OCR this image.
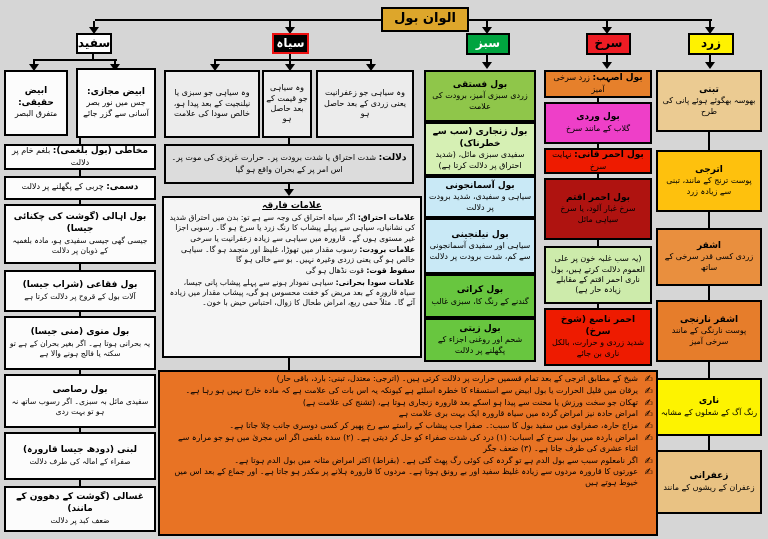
الوان بول
سفید	سیاہ	سبز	سرخ	زرد
ابیض حقیقی:
متفرق البصر
ابیض مجازی:
جس میں نور بصر آسانی سے گزر جائے
مخاطی (بول بلغمی): بلغم خام پر دلالت
دسمی: چربی کے پگھلنے پر دلالت
بول اہالی (گوشت کی چکنائی جیسا)
جیسی گھی جیسی سفیدی ہو، مادہ بلغمیہ کے ذوبان پر دلالت
بول فقاعی (شراب جیسا)
آلات بول کے قروح پر دلالت کرتا ہے
بول منوی (منی جیسا)
یہ بحرانی ہوتا ہے۔ اگر بغیر بحران کے ہے تو سکتہ یا فالج ہونے والا ہے
بول رصاصی
سفیدی مائل بہ سبزی۔ اگر رسوب ساتھ نہ ہو تو بہت ردی
لبنی (دودھ جیسا قارورہ)
صفراء کے امالہ کی طرف دلالت
غسالی (گوشت کے دھوون کے مانند)
ضعف کبد پر دلالت
وہ سیاہی جو سبزی یا نیلنجیت کے بعد پیدا ہو، خالص سودا کی علامت
وہ سیاہی جو قیمت کے بعد حاصل ہو
وہ سیاہی جو زعفرانیت یعنی زردی کے بعد حاصل ہو
دلالت: شدت احتراق یا شدت برودت پر۔ حرارت غریزی کی موت پر۔ اس امر پر کے بحران واقع ہو گیا
علامات فارقہ

علامات احتراق: اگر سیاہ احتراق کی وجہ سے ہے تو: بدن میں احتراق شدید کی نشانیاں، سیاہی سے پہلے پیشاب کا رنگ زرد یا سرخ ہو گا۔ رسوبی اجزا غیر مستوی ہوں گے۔ قارورہ میں سیاہی سے زیادہ زعفرانیت یا سرخی

علامات برودت: رسوب مقدار میں تھوڑا، غلیظ اور منجمد ہو گا۔ سیاہی خالص ہو گی یعنی زردی وغیرہ نہیں۔ بو سے خالی ہو گا

سقوط قوت: قوت نڈھال ہو گی

علامات سودا بحرانی: سیاہی نمودار ہونے سے پہلے پیشاب پانی جیسا، سیاہ قارورہ کے بعد مریض کو خفت محسوس ہو گی، پیشاب مقدار میں زیادہ آئے گا۔ مثلاً حمی ربع، امراض طحال کا زوال، احتباس حیض با خون۔

✍
شیخ کے مطابق اترجی کے بعد تمام قسمیں حرارت پر دلالت کرتی ہیں۔ (اترجی: معتدل، تبنی: بارد، باقی حار)
✍
یرقان میں قلیل الحرارت یا بول ابیض سے استسقاء کا خطرہ اسلئے ہے کیونکہ یہ اس بات کی علامت ہے کہ مادہ خارج نہیں ہو رہا ہے۔
✍
تھکان جو سخت ورزش یا محنت سے پیدا ہو اسکے بعد قارورہ زنجاری ہوتا ہے، (تشنج کی علامت ہے)
✍
امراض حادہ نیز امراض گردہ میں سیاہ قارورہ ایک بہت بری علامت ہے
✍
مزاج حارہ، صفراوی میں سفید بول کا سبب:۔ صفرا جب پیشاب کے راستے سے رخ پھیر کر کسی دوسری جانب چلا جاتا ہے۔
✍
امراض باردہ میں بول سرخ کے اسباب: (۱) درد کی شدت صفراء کو حل کر دیتی ہے۔ (۲) سدہ بلغمی اگر اس مجریٰ میں ہو جو مرارہ سے اثناء عشری کی طرف جاتا ہے۔ (۳) ضعف جگر
✍
اگر نامعلوم سبب سے بول الدم ہے تو گردہ کی کوئی رگ پھٹ گئی ہے۔ (بقراط) اکثر امراض مثانہ میں بول الدم ہوتا ہے۔
✍
عورتوں کا قارورہ مردوں سے زیادہ غلیظ سفید اور بے رونق ہوتا ہے۔ مردوں کا قارورہ ہلانے پر مکدر ہو جاتا ہے۔ اور جماع کے بعد اس میں خیوط ہوتے ہیں
بول فستقی
زردی سبزی آمیز، برودت کی علامت
بول زنجاری (سب سے خطرناک)
سفیدی سبزی مائل، (شدید احتراق پر دلالت کرتا ہے)
بول آسمانجونی
سیاہی و سفیدی، شدید برودت پر دلالت
بول نیلنجینی
سیاہی اور سفیدی آسمانجونی سے کم، شدت برودت پر دلالت
بول کراثی
گندنے کے رنگ کا، سبزی غالب
بول زیتی
شحم اور روغنی اجزاء کے پگھلنے پر دلالت
بول اصہب: زرد سرخی آمیز
بول وردی
گلاب کے مانند سرخ
بول احمر قانی: نہایت سرخ
بول احمر اقتم
سرخ غبار آلود، یا سرخ سیاہی مائل
(یہ سب غلبہ خون پر علی العموم دلالت کرتے ہیں، بول ناری احمر اقتم کے مقابلے زیادہ حار ہے)
احمر ناصع (شوخ سرخ)
شدید زردی و حرارت، بالکل ناری بن جائے
تبنی
بھوسہ بھگوئے ہوئے پانی کی طرح
اترجی
پوست ترنج کے مانند، تبنی سے زیادہ زرد
اشقر
زردی کسی قدر سرخی کے ساتھ
اشقر نارنجی
پوست نارنگی کے مانند سرخی آمیز
ناری
رنگ آگ کے شعلوں کے مشابہ
زعفرانی
زعفران کے ریشوں کے مانند
